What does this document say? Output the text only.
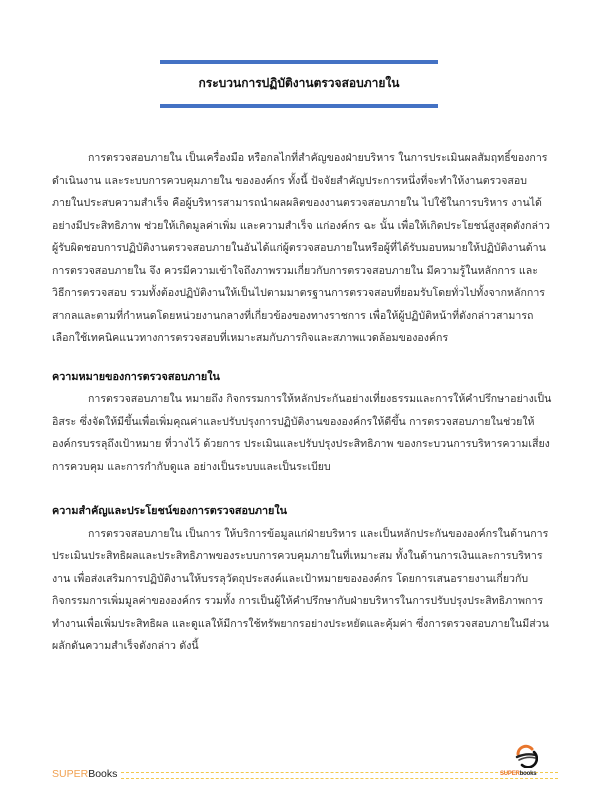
กระบวนการปฏิบัติงานตรวจสอบภายใน
การตรวจสอบภายใน เป็นเครื่องมือ หรือกลไกที่สำคัญของฝ่ายบริหาร ในการประเมินผลสัมฤทธิ์ของการ
ดำเนินงาน และระบบการควบคุมภายใน ขององค์กร ทั้งนี้ ปัจจัยสำคัญประการหนึ่งที่จะทำให้งานตรวจสอบ
ภายในประสบความสำเร็จ คือผู้บริหารสามารถนำผลผลิตของงานตรวจสอบภายใน ไปใช้ในการบริหาร งานได้
อย่างมีประสิทธิภาพ ช่วยให้เกิดมูลค่าเพิ่ม และความสำเร็จ แก่องค์กร ฉะ นั้น เพื่อให้เกิดประโยชน์สูงสุดดังกล่าว
ผู้รับผิดชอบการปฏิบัติงานตรวจสอบภายในอันได้แก่ผู้ตรวจสอบภายในหรือผู้ที่ได้รับมอบหมายให้ปฏิบัติงานด้าน
การตรวจสอบภายใน จึง ควรมีความเข้าใจถึงภาพรวมเกี่ยวกับการตรวจสอบภายใน มีความรู้ในหลักการ และ
วิธีการตรวจสอบ รวมทั้งต้องปฏิบัติงานให้เป็นไปตามมาตรฐานการตรวจสอบที่ยอมรับโดยทั่วไปทั้งจากหลักการ
สากลและตามที่กำหนดโดยหน่วยงานกลางที่เกี่ยวข้องของทางราชการ เพื่อให้ผู้ปฏิบัติหน้าที่ดังกล่าวสามารถ
เลือกใช้เทคนิคแนวทางการตรวจสอบที่เหมาะสมกับภารกิจและสภาพแวดล้อมขององค์กร
ความหมายของการตรวจสอบภายใน
การตรวจสอบภายใน หมายถึง กิจกรรมการให้หลักประกันอย่างเที่ยงธรรมและการให้คำปรึกษาอย่างเป็น
อิสระ ซึ่งจัดให้มีขึ้นเพื่อเพิ่มคุณค่าและปรับปรุงการปฏิบัติงานขององค์กรให้ดีขึ้น การตรวจสอบภายในช่วยให้
องค์กรบรรลุถึงเป้าหมาย ที่วางไว้ ด้วยการ ประเมินและปรับปรุงประสิทธิภาพ ของกระบวนการบริหารความเสี่ยง
การควบคุม และการกำกับดูแล อย่างเป็นระบบและเป็นระเบียบ
ความสำคัญและประโยชน์ของการตรวจสอบภายใน
การตรวจสอบภายใน เป็นการ ให้บริการข้อมูลแก่ฝ่ายบริหาร และเป็นหลักประกันขององค์กรในด้านการ
ประเมินประสิทธิผลและประสิทธิภาพของระบบการควบคุมภายในที่เหมาะสม ทั้งในด้านการเงินและการบริหาร
งาน เพื่อส่งเสริมการปฏิบัติงานให้บรรลุวัตถุประสงค์และเป้าหมายขององค์กร โดยการเสนอรายงานเกี่ยวกับ
กิจกรรมการเพิ่มมูลค่าขององค์กร รวมทั้ง การเป็นผู้ให้คำปรึกษากับฝ่ายบริหารในการปรับปรุงประสิทธิภาพการ
ทำงานเพื่อเพิ่มประสิทธิผล และดูแลให้มีการใช้ทรัพยากรอย่างประหยัดและคุ้มค่า ซึ่งการตรวจสอบภายในมีส่วน
ผลักดันความสำเร็จดังกล่าว ดังนี้
SUPERBooks	SUPERbooks
